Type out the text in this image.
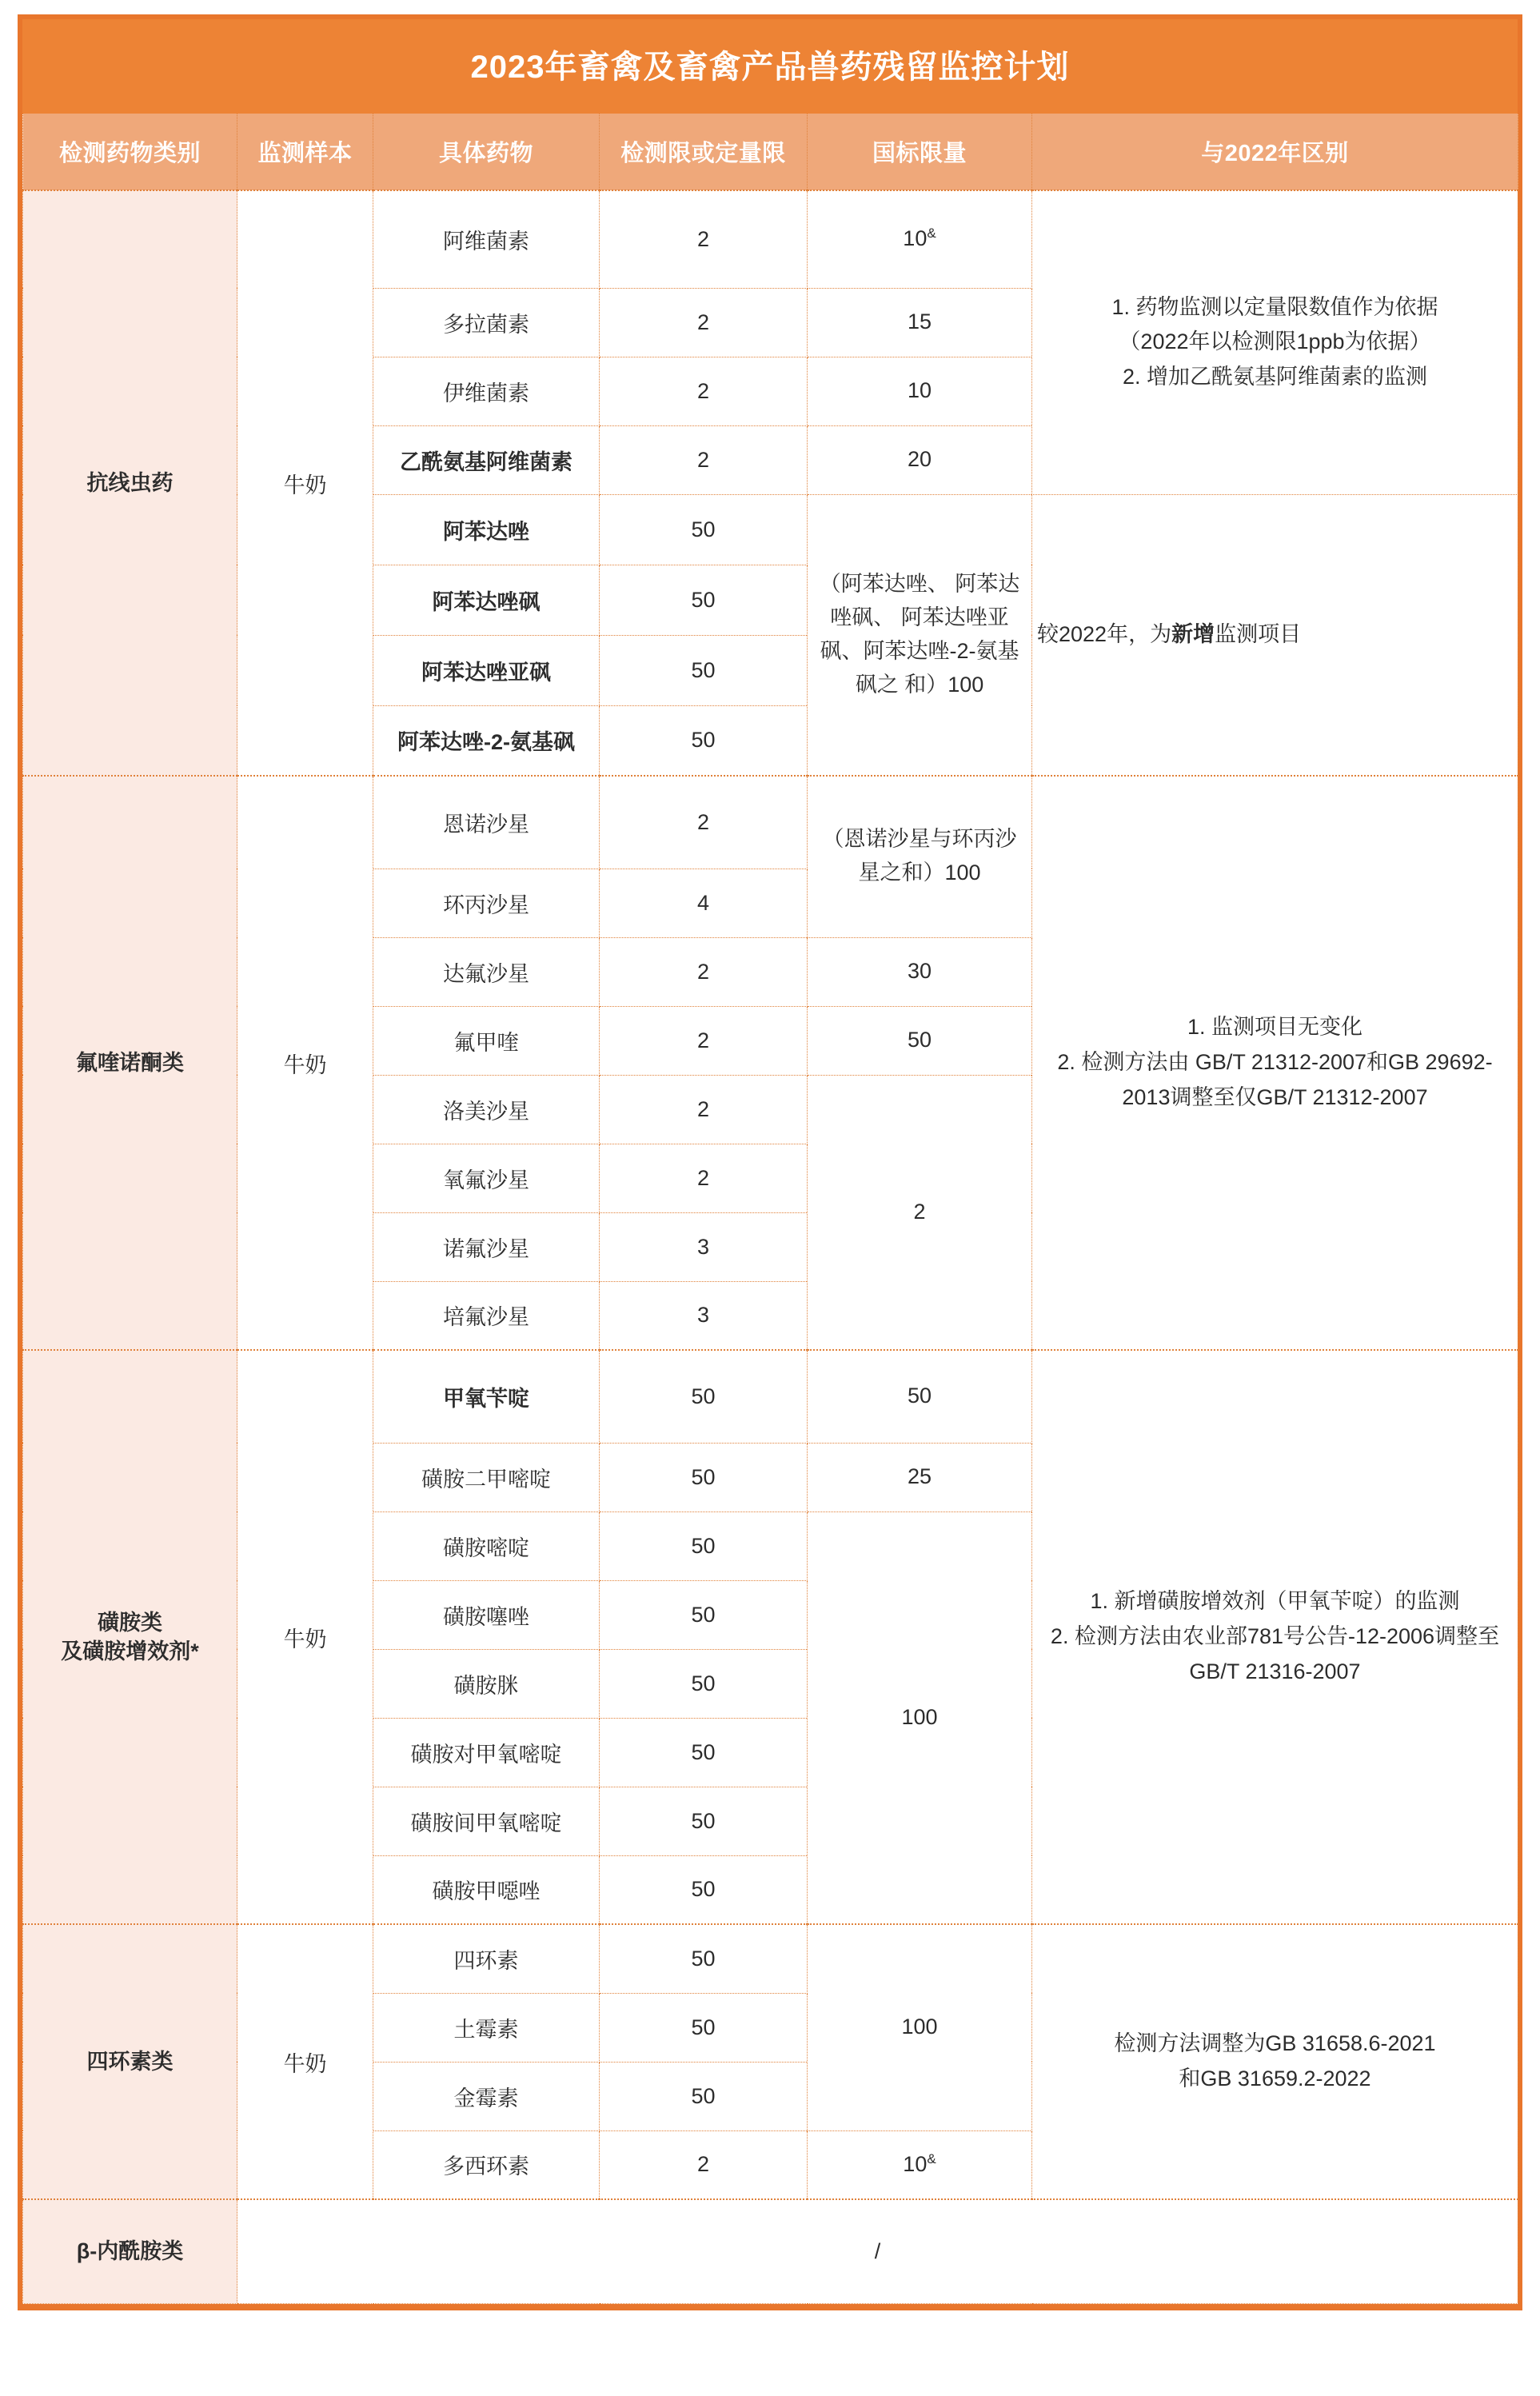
2023年畜禽及畜禽产品兽药残留监控计划
检测药物类别	监测样本	具体药物	检测限或定量限	国标限量	与2022年区别
抗线虫药	牛奶	阿维菌素	2	10&	1. 药物监测以定量限数值作为依据
（2022年以检测限1ppb为依据）
2. 增加乙酰氨基阿维菌素的监测

		多拉菌素	2	15	
		伊维菌素	2	10	
		乙酰氨基阿维菌素	2	20	
		阿苯达唑	50	（阿苯达唑、 阿苯达唑砜、 阿苯达唑亚 砜、阿苯达唑-2-氨基砜之 和）100	较2022年，为新增监测项目
		阿苯达唑砜	50		
		阿苯达唑亚砜	50		
		阿苯达唑-2-氨基砜	50		
氟喹诺酮类	牛奶	恩诺沙星	2	（恩诺沙星与环丙沙星之和）100	1. 监测项目无变化
2. 检测方法由 GB/T 21312-2007和GB 29692-2013调整至仅GB/T 21312-2007

		环丙沙星	4		
		达氟沙星	2	30	
		氟甲喹	2	50	
		洛美沙星	2	2	
		氧氟沙星	2		
		诺氟沙星	3		
		培氟沙星	3		

磺胺类
及磺胺增效剂*
	牛奶	甲氧苄啶	50	50	
1. 新增磺胺增效剂（甲氧苄啶）的监测
2. 检测方法由农业部781号公告-12-2006调整至GB/T 21316-2007

		磺胺二甲嘧啶	50	25	
		磺胺嘧啶	50	100	
		磺胺噻唑	50		
		磺胺脒	50		
		磺胺对甲氧嘧啶	50		
		磺胺间甲氧嘧啶	50		
		磺胺甲噁唑	50		
四环素类	牛奶	四环素	50	100	检测方法调整为GB 31658.6-2021
和GB 31659.2-2022

		土霉素	50		
		金霉素	50		
		多西环素	2	10&
β-内酰胺类	/				
